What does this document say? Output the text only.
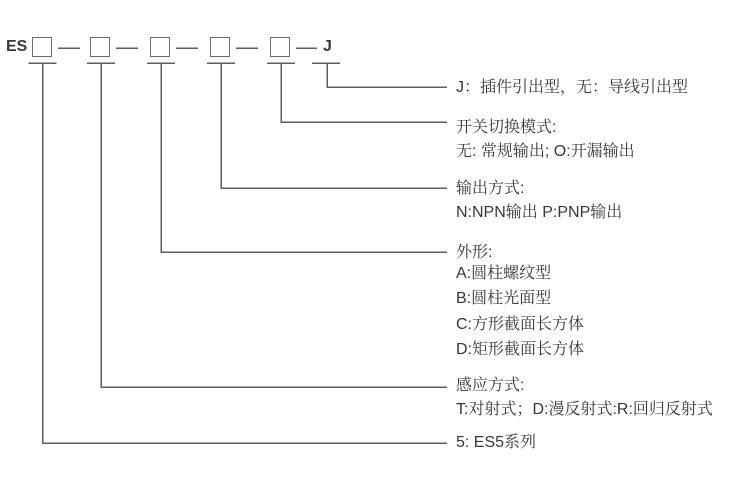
ES	J
J：插件引出型，无：导线引出型
开关切换模式:
无: 常规输出; O:开漏输出
输出方式:
N:NPN输出 P:PNP输出
外形:
A:圆柱螺纹型
B:圆柱光面型
C:方形截面长方体
D:矩形截面长方体
感应方式:
T:对射式；D:漫反射式:R:回归反射式
5: ES5系列
